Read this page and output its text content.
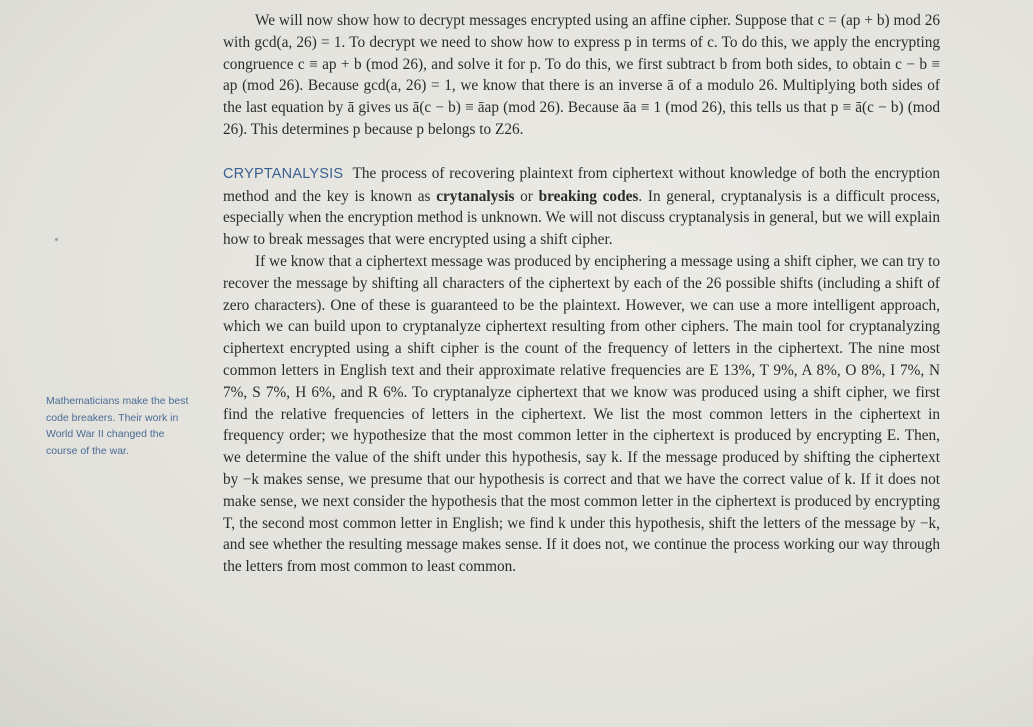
Mathematicians make the best code breakers. Their work in World War II changed the course of the war.

We will now show how to decrypt messages encrypted using an affine cipher. Suppose that c = (ap + b) mod 26 with gcd(a, 26) = 1. To decrypt we need to show how to express p in terms of c. To do this, we apply the encrypting congruence c ≡ ap + b (mod 26), and solve it for p. To do this, we first subtract b from both sides, to obtain c − b ≡ ap (mod 26). Because gcd(a, 26) = 1, we know that there is an inverse ā of a modulo 26. Multiplying both sides of the last equation by ā gives us ā(c − b) ≡ āap (mod 26). Because āa ≡ 1 (mod 26), this tells us that p ≡ ā(c − b) (mod 26). This determines p because p belongs to Z26.

CRYPTANALYSIS The process of recovering plaintext from ciphertext without knowledge of both the encryption method and the key is known as crytanalysis or breaking codes. In general, cryptanalysis is a difficult process, especially when the encryption method is unknown. We will not discuss cryptanalysis in general, but we will explain how to break messages that were encrypted using a shift cipher.

If we know that a ciphertext message was produced by enciphering a message using a shift cipher, we can try to recover the message by shifting all characters of the ciphertext by each of the 26 possible shifts (including a shift of zero characters). One of these is guaranteed to be the plaintext. However, we can use a more intelligent approach, which we can build upon to cryptanalyze ciphertext resulting from other ciphers. The main tool for cryptanalyzing ciphertext encrypted using a shift cipher is the count of the frequency of letters in the ciphertext. The nine most common letters in English text and their approximate relative frequencies are E 13%, T 9%, A 8%, O 8%, I 7%, N 7%, S 7%, H 6%, and R 6%. To cryptanalyze ciphertext that we know was produced using a shift cipher, we first find the relative frequencies of letters in the ciphertext. We list the most common letters in the ciphertext in frequency order; we hypothesize that the most common letter in the ciphertext is produced by encrypting E. Then, we determine the value of the shift under this hypothesis, say k. If the message produced by shifting the ciphertext by −k makes sense, we presume that our hypothesis is correct and that we have the correct value of k. If it does not make sense, we next consider the hypothesis that the most common letter in the ciphertext is produced by encrypting T, the second most common letter in English; we find k under this hypothesis, shift the letters of the message by −k, and see whether the resulting message makes sense. If it does not, we continue the process working our way through the letters from most common to least common.
